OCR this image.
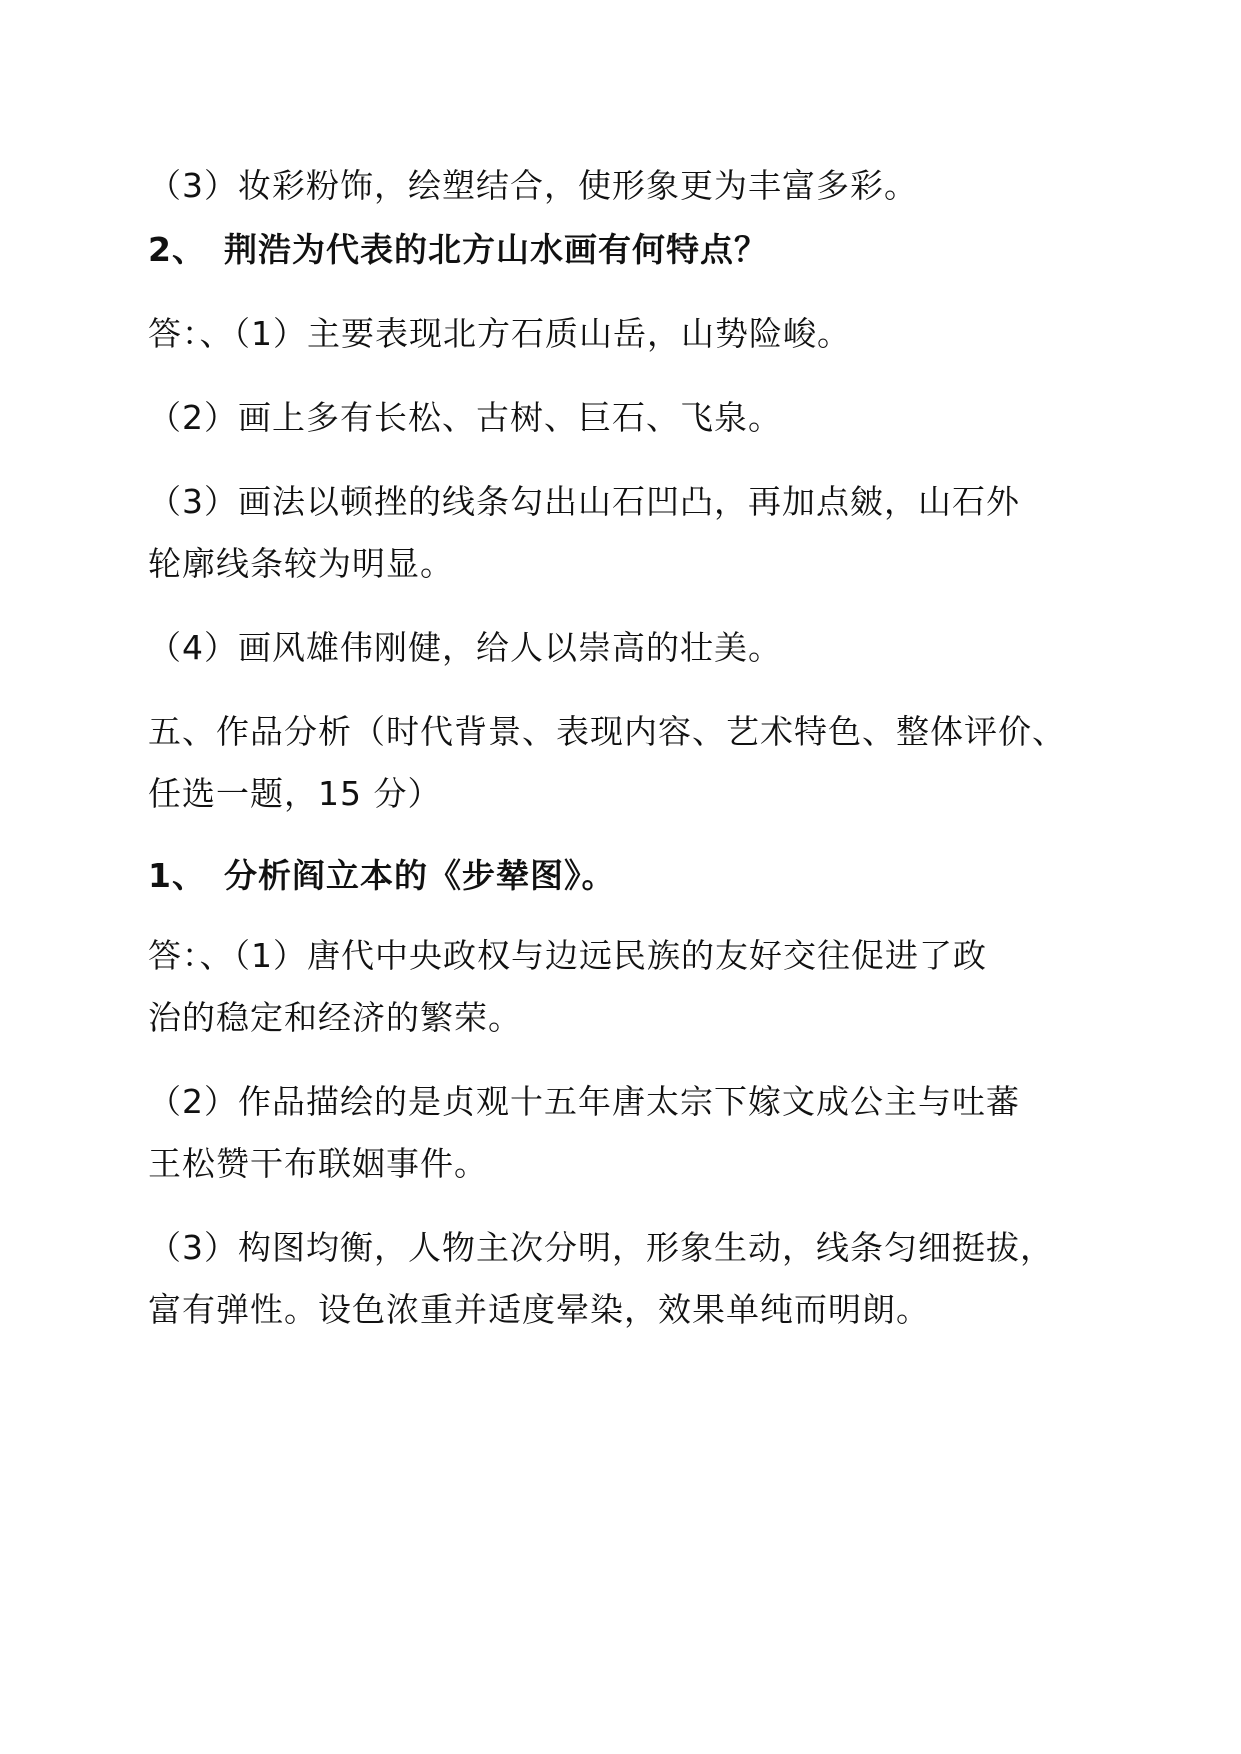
（3）妆彩粉饰，绘塑结合，使形象更为丰富多彩。
2、 荆浩为代表的北方山水画有何特点？
答：、（1）主要表现北方石质山岳，山势险峻。
（2）画上多有长松、古树、巨石、飞泉。
（3）画法以顿挫的线条勾出山石凹凸，再加点皴，山石外
轮廓线条较为明显。
（4）画风雄伟刚健，给人以崇高的壮美。
五、作品分析（时代背景、表现内容、艺术特色、整体评价、
任选一题，15 分）
1、 分析阎立本的《步辇图》。
答：、（1）唐代中央政权与边远民族的友好交往促进了政
治的稳定和经济的繁荣。
（2）作品描绘的是贞观十五年唐太宗下嫁文成公主与吐蕃
王松赞干布联姻事件。
（3）构图均衡，人物主次分明，形象生动，线条匀细挺拔，
富有弹性。设色浓重并适度晕染，效果单纯而明朗。
